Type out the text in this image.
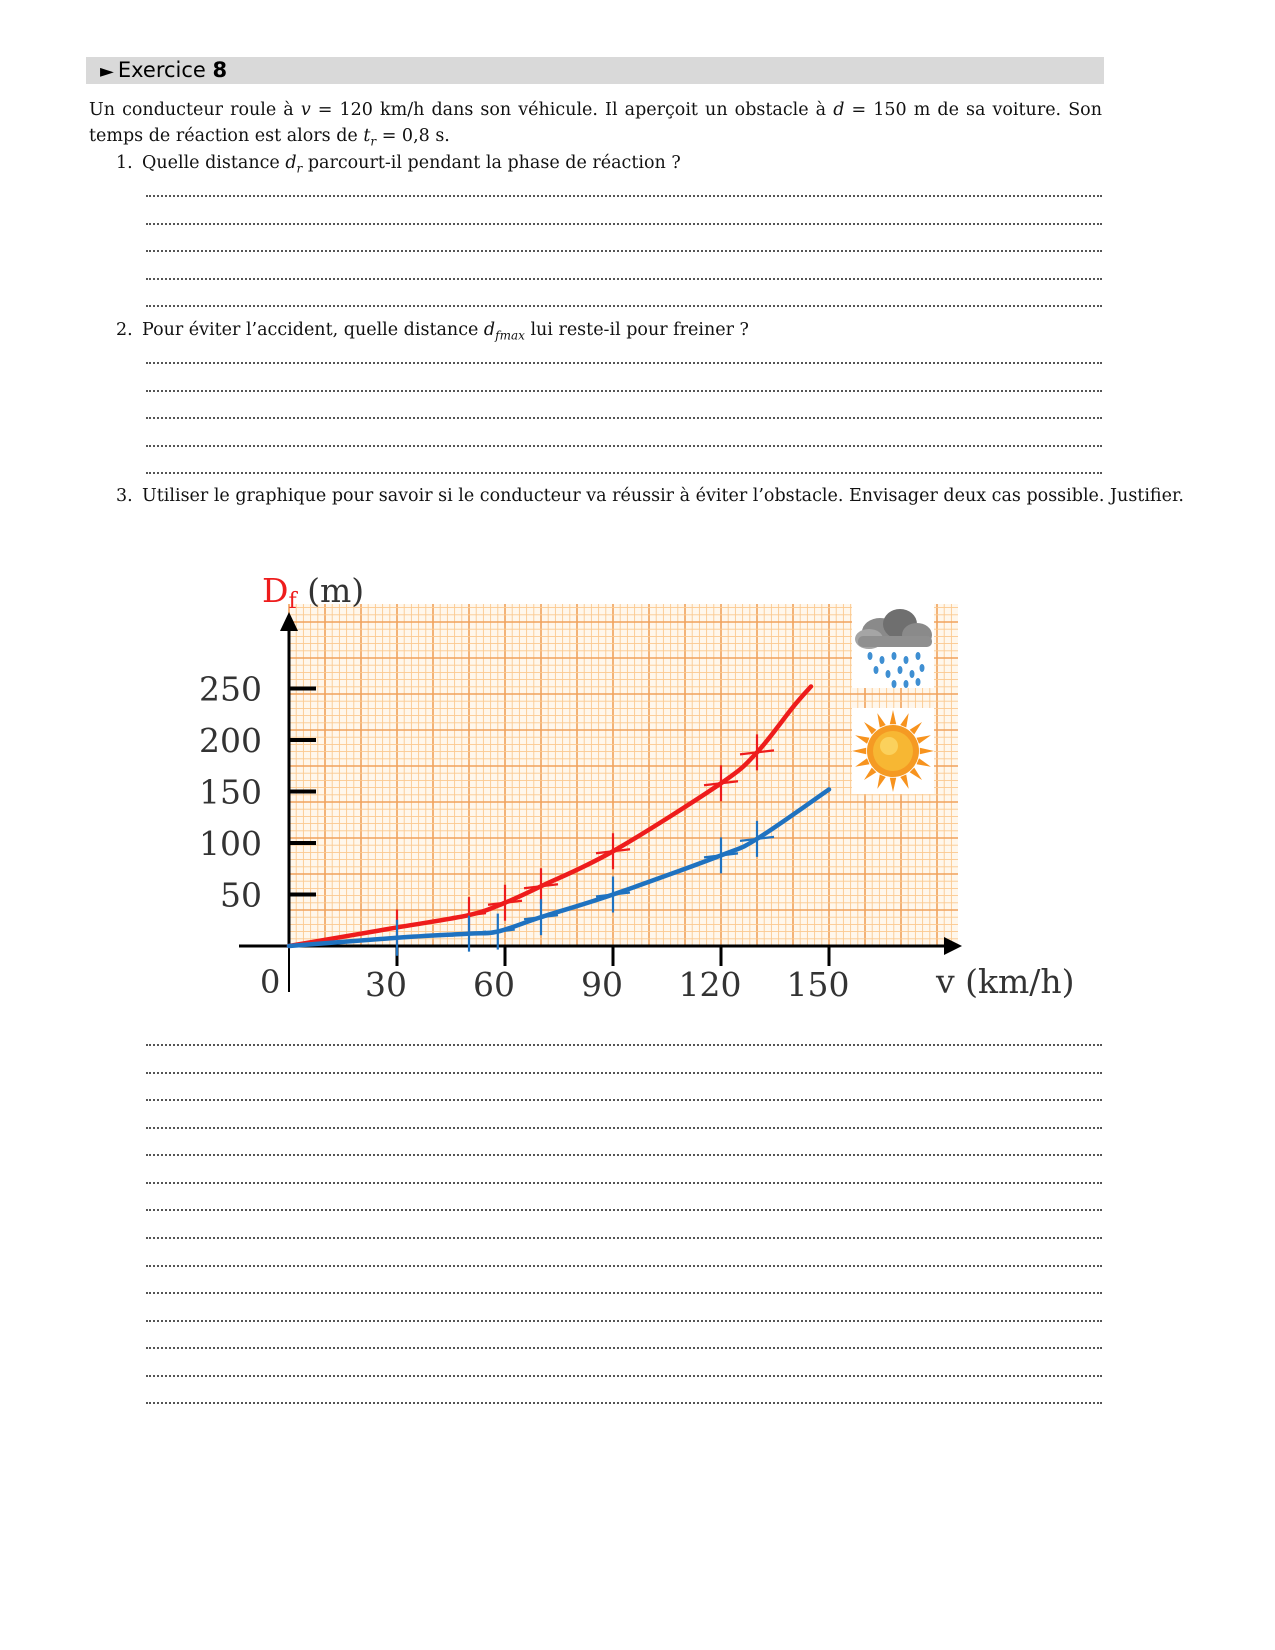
► Exercice 8
Un conducteur roule à v = 120 km/h dans son véhicule. Il aperçoit un obstacle à d = 150 m de sa voiture. Son temps de réaction est alors de $t_r = 0,8$ s.
1. Quelle distance $d_r$ parcourt-il pendant la phase de réaction ?
2. Pour éviter l’accident, quelle distance $d_{fmax}$ lui reste-il pour freiner ?
3. Utiliser le graphique pour savoir si le conducteur va réussir à éviter l’obstacle. Envisager deux cas possible. Justifier.
50
100
150
200
250
30 60 90 120 150
Df (m)
v (km/h)
0
